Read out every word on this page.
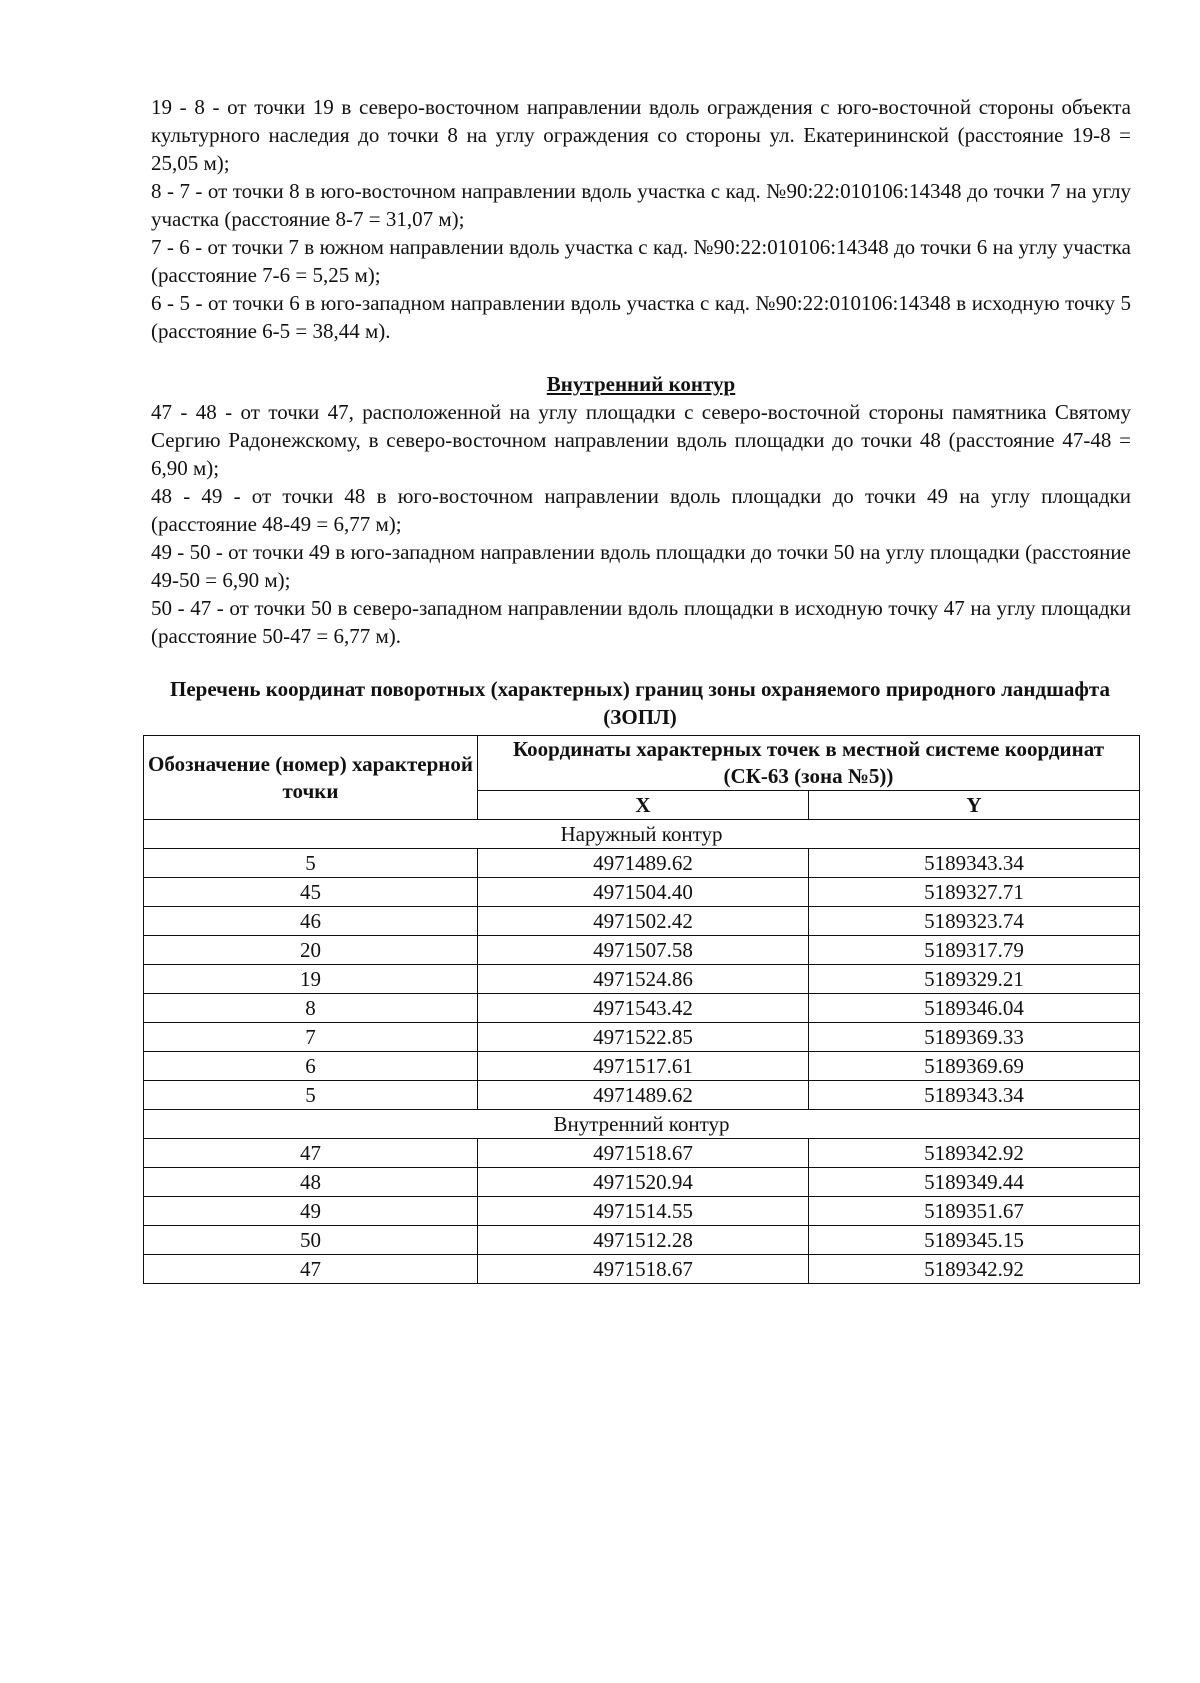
19 - 8 - от точки 19 в северо-восточном направлении вдоль ограждения с юго-восточной стороны объекта культурного наследия до точки 8 на углу ограждения со стороны ул. Екатерининской (расстояние 19-8 = 25,05 м);

8 - 7 - от точки 8 в юго-восточном направлении вдоль участка с кад. №90:22:010106:14348 до точки 7 на углу участка (расстояние 8-7 = 31,07 м);

7 - 6 - от точки 7 в южном направлении вдоль участка с кад. №90:22:010106:14348 до точки 6 на углу участка (расстояние 7-6 = 5,25 м);

6 - 5 - от точки 6 в юго-западном направлении вдоль участка с кад. №90:22:010106:14348 в исходную точку 5 (расстояние 6-5 = 38,44 м).

Внутренний контур

47 - 48 - от точки 47, расположенной на углу площадки с северо-восточной стороны памятника Святому Сергию Радонежскому, в северо-восточном направлении вдоль площадки до точки 48 (расстояние 47-48 = 6,90 м);

48 - 49 - от точки 48 в юго-восточном направлении вдоль площадки до точки 49 на углу площадки (расстояние 48-49 = 6,77 м);

49 - 50 - от точки 49 в юго-западном направлении вдоль площадки до точки 50 на углу площадки (расстояние 49-50 = 6,90 м);

50 - 47 - от точки 50 в северо-западном направлении вдоль площадки в исходную точку 47 на углу площадки (расстояние 50-47 = 6,77 м).

Перечень координат поворотных (характерных) границ зоны охраняемого природного ландшафта (ЗОПЛ)
Обозначение (номер) характерной точки	Координаты характерных точек в местной системе координат (СК-63 (зона №5))	
	X	Y
Наружный контур		
5	4971489.62	5189343.34
45	4971504.40	5189327.71
46	4971502.42	5189323.74
20	4971507.58	5189317.79
19	4971524.86	5189329.21
8	4971543.42	5189346.04
7	4971522.85	5189369.33
6	4971517.61	5189369.69
5	4971489.62	5189343.34
Внутренний контур		
47	4971518.67	5189342.92
48	4971520.94	5189349.44
49	4971514.55	5189351.67
50	4971512.28	5189345.15
47	4971518.67	5189342.92
